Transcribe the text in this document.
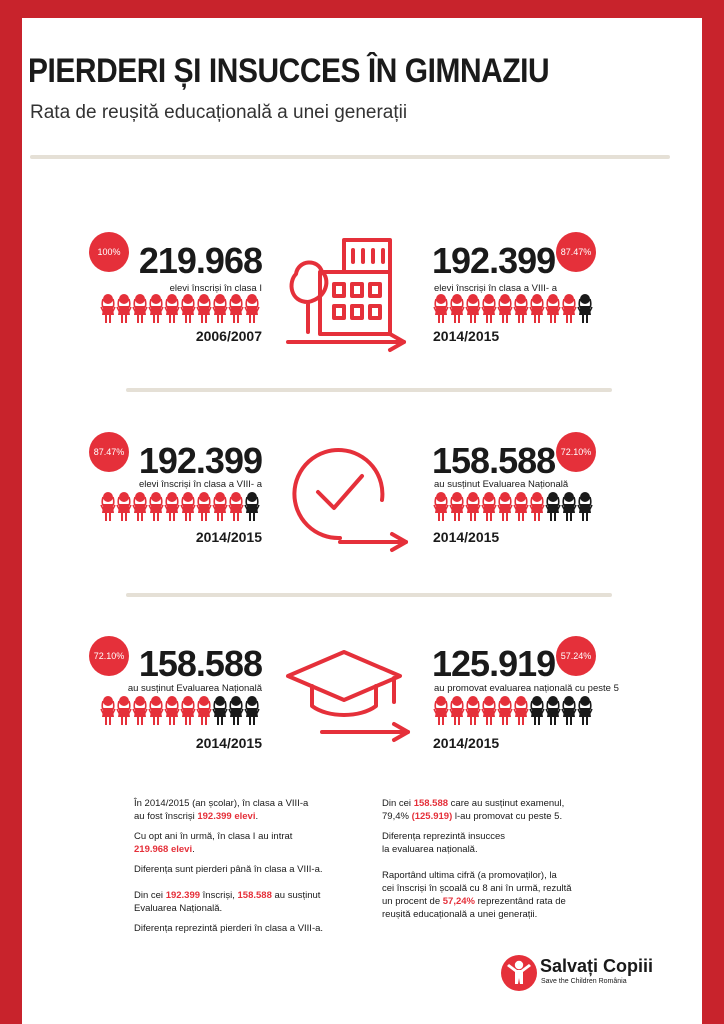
PIERDERI ȘI INSUCCES ÎN GIMNAZIU
Rata de reușită educațională a unei generații
100% 219.968
elevi înscriși în clasa I
2006/2007
192.399 87.47%
elevi înscriși în clasa a VIII- a
2014/2015
87.47% 192.399
elevi înscriși în clasa a VIII- a
2014/2015
158.588 72.10%
au susținut Evaluarea Națională
2014/2015
72.10% 158.588
au susținut Evaluarea Națională
2014/2015
125.919 57.24%
au promovat evaluarea națională cu peste 5
2014/2015

În 2014/2015 (an școlar), în clasa a VIII-a
au fost înscriși 192.399 elevi.

Cu opt ani în urmă, în clasa I au intrat
219.968 elevi.

Diferența sunt pierderi până în clasa a VIII-a.

Din cei 192.399 înscriși, 158.588 au susținut
Evaluarea Națională.

Diferența reprezintă pierderi în clasa a VIII-a.

Din cei 158.588 care au susținut examenul,
79,4% (125.919) l-au promovat cu peste 5.

Diferența reprezintă insucces
la evaluarea națională.

Raportând ultima cifră (a promovaților), la
cei înscriși în școală cu 8 ani în urmă, rezultă
un procent de 57,24% reprezentând rata de
reușită educațională a unei generații.

Salvați Copiii
Save the Children România
